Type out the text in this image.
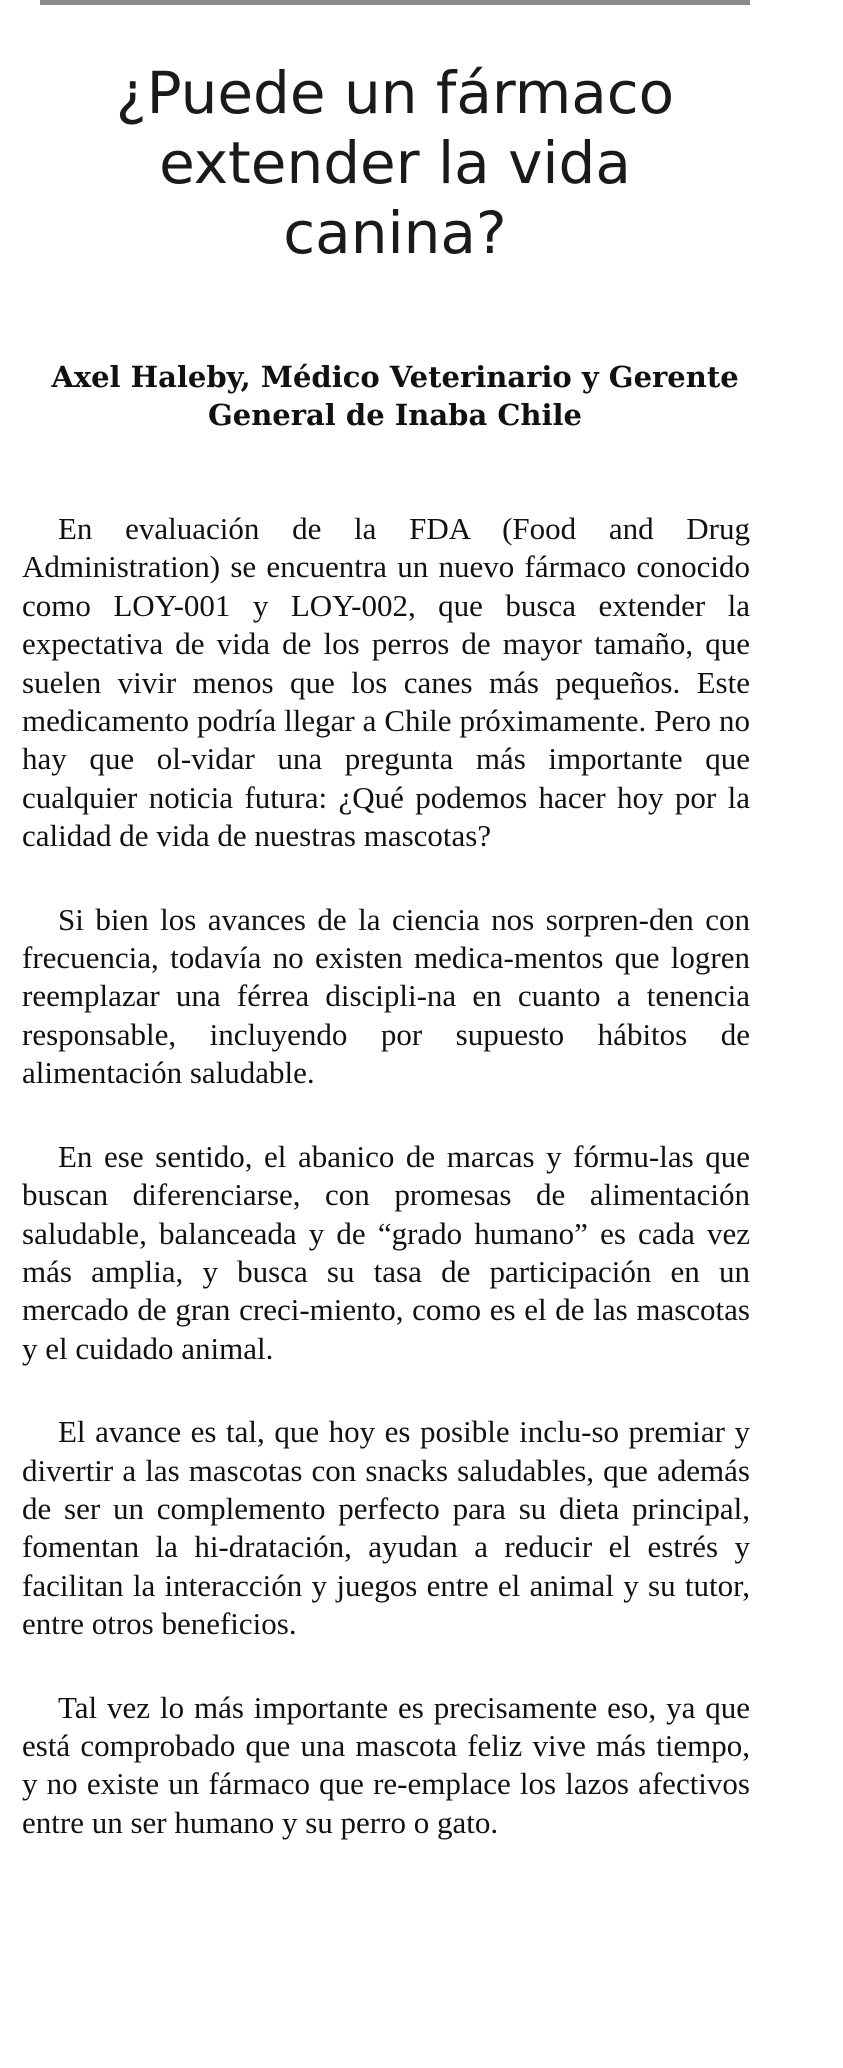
¿Puede un fármaco extender la vida canina?
Axel Haleby, Médico Veterinario y Gerente General de Inaba Chile

En evaluación de la FDA (Food and Drug Administration) se encuentra un nuevo fármaco conocido como LOY-001 y LOY-002, que busca extender la expectativa de vida de los perros de mayor tamaño, que suelen vivir menos que los canes más pequeños. Este medicamento podría llegar a Chile próximamente. Pero no hay que ol-vidar una pregunta más importante que cualquier noticia futura: ¿Qué podemos hacer hoy por la calidad de vida de nuestras mascotas?

Si bien los avances de la ciencia nos sorpren-den con frecuencia, todavía no existen medica-mentos que logren reemplazar una férrea discipli-na en cuanto a tenencia responsable, incluyendo por supuesto hábitos de alimentación saludable.

En ese sentido, el abanico de marcas y fórmu-las que buscan diferenciarse, con promesas de alimentación saludable, balanceada y de “grado humano” es cada vez más amplia, y busca su tasa de participación en un mercado de gran creci-miento, como es el de las mascotas y el cuidado animal.

El avance es tal, que hoy es posible inclu-so premiar y divertir a las mascotas con snacks saludables, que además de ser un complemento perfecto para su dieta principal, fomentan la hi-dratación, ayudan a reducir el estrés y facilitan la interacción y juegos entre el animal y su tutor, entre otros beneficios.

Tal vez lo más importante es precisamente eso, ya que está comprobado que una mascota feliz vive más tiempo, y no existe un fármaco que re-emplace los lazos afectivos entre un ser humano y su perro o gato.
